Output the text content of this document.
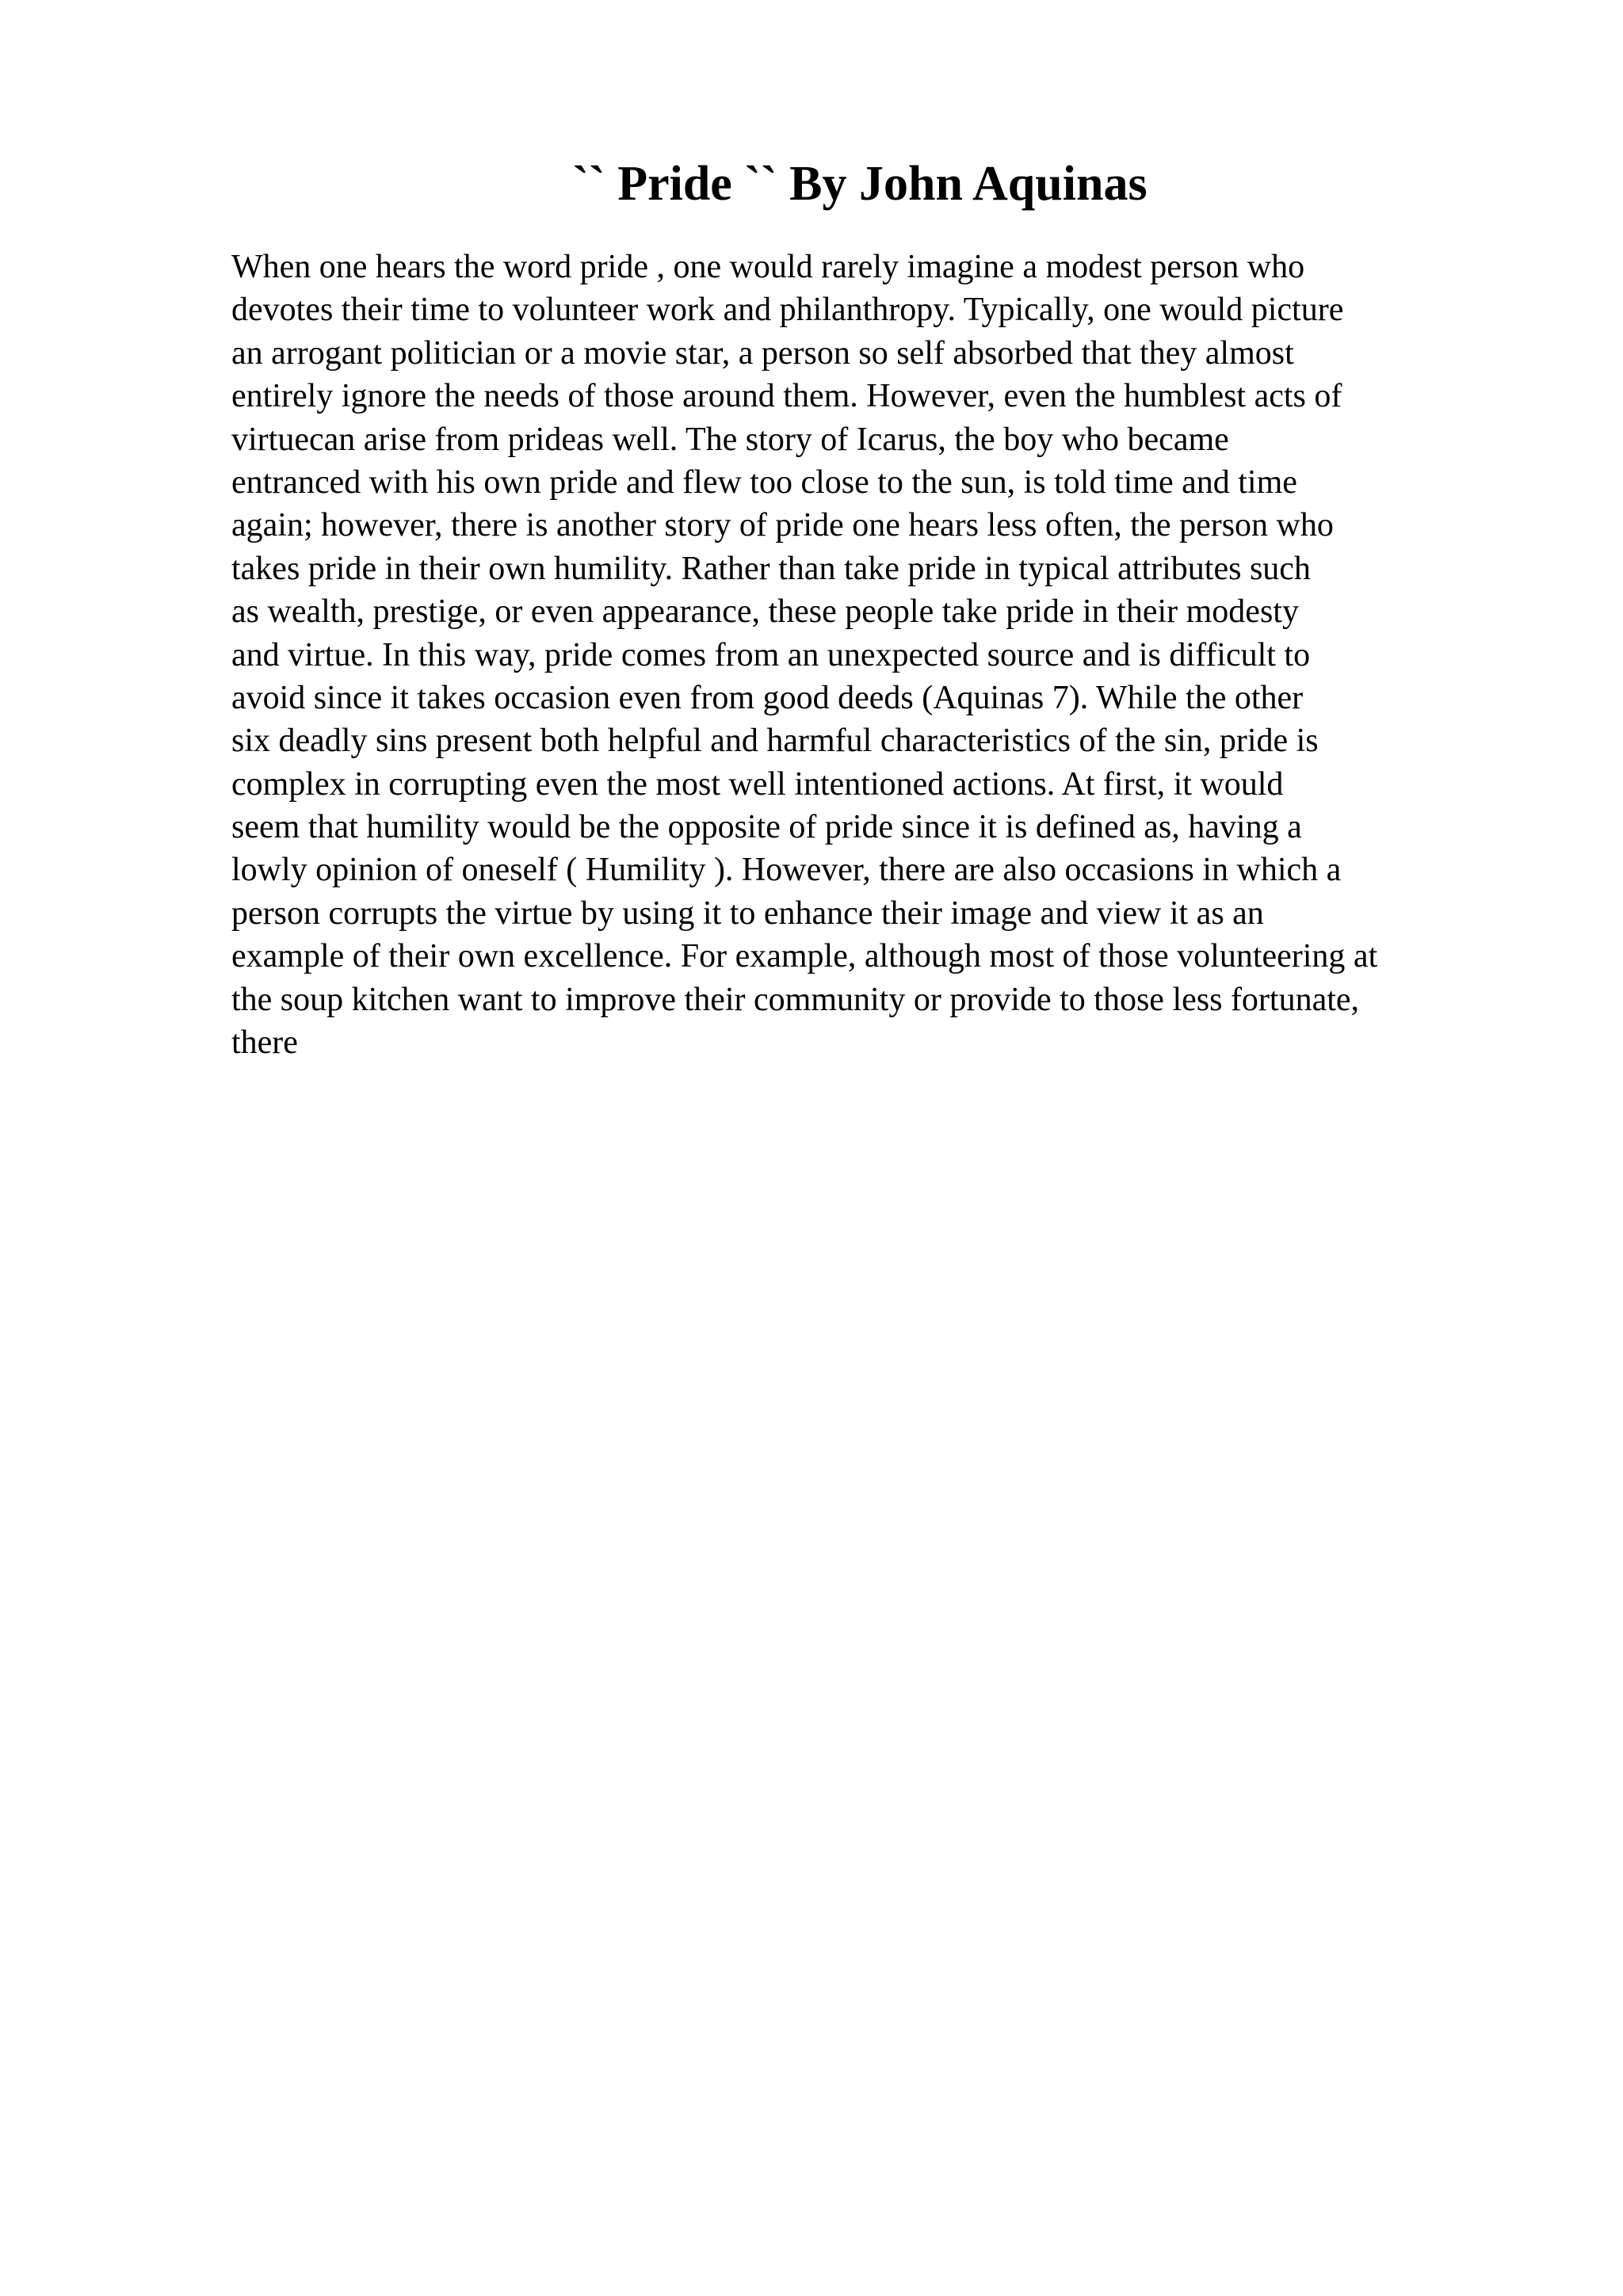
`` Pride `` By John Aquinas
When one hears the word pride , one would rarely imagine a modest person who
devotes their time to volunteer work and philanthropy. Typically, one would picture
an arrogant politician or a movie star, a person so self absorbed that they almost
entirely ignore the needs of those around them. However, even the humblest acts of
virtuecan arise from prideas well. The story of Icarus, the boy who became
entranced with his own pride and flew too close to the sun, is told time and time
again; however, there is another story of pride one hears less often, the person who
takes pride in their own humility. Rather than take pride in typical attributes such
as wealth, prestige, or even appearance, these people take pride in their modesty
and virtue. In this way, pride comes from an unexpected source and is difficult to
avoid since it takes occasion even from good deeds (Aquinas 7). While the other
six deadly sins present both helpful and harmful characteristics of the sin, pride is
complex in corrupting even the most well intentioned actions. At first, it would
seem that humility would be the opposite of pride since it is defined as, having a
lowly opinion of oneself ( Humility ). However, there are also occasions in which a
person corrupts the virtue by using it to enhance their image and view it as an
example of their own excellence. For example, although most of those volunteering at
the soup kitchen want to improve their community or provide to those less fortunate,
there
